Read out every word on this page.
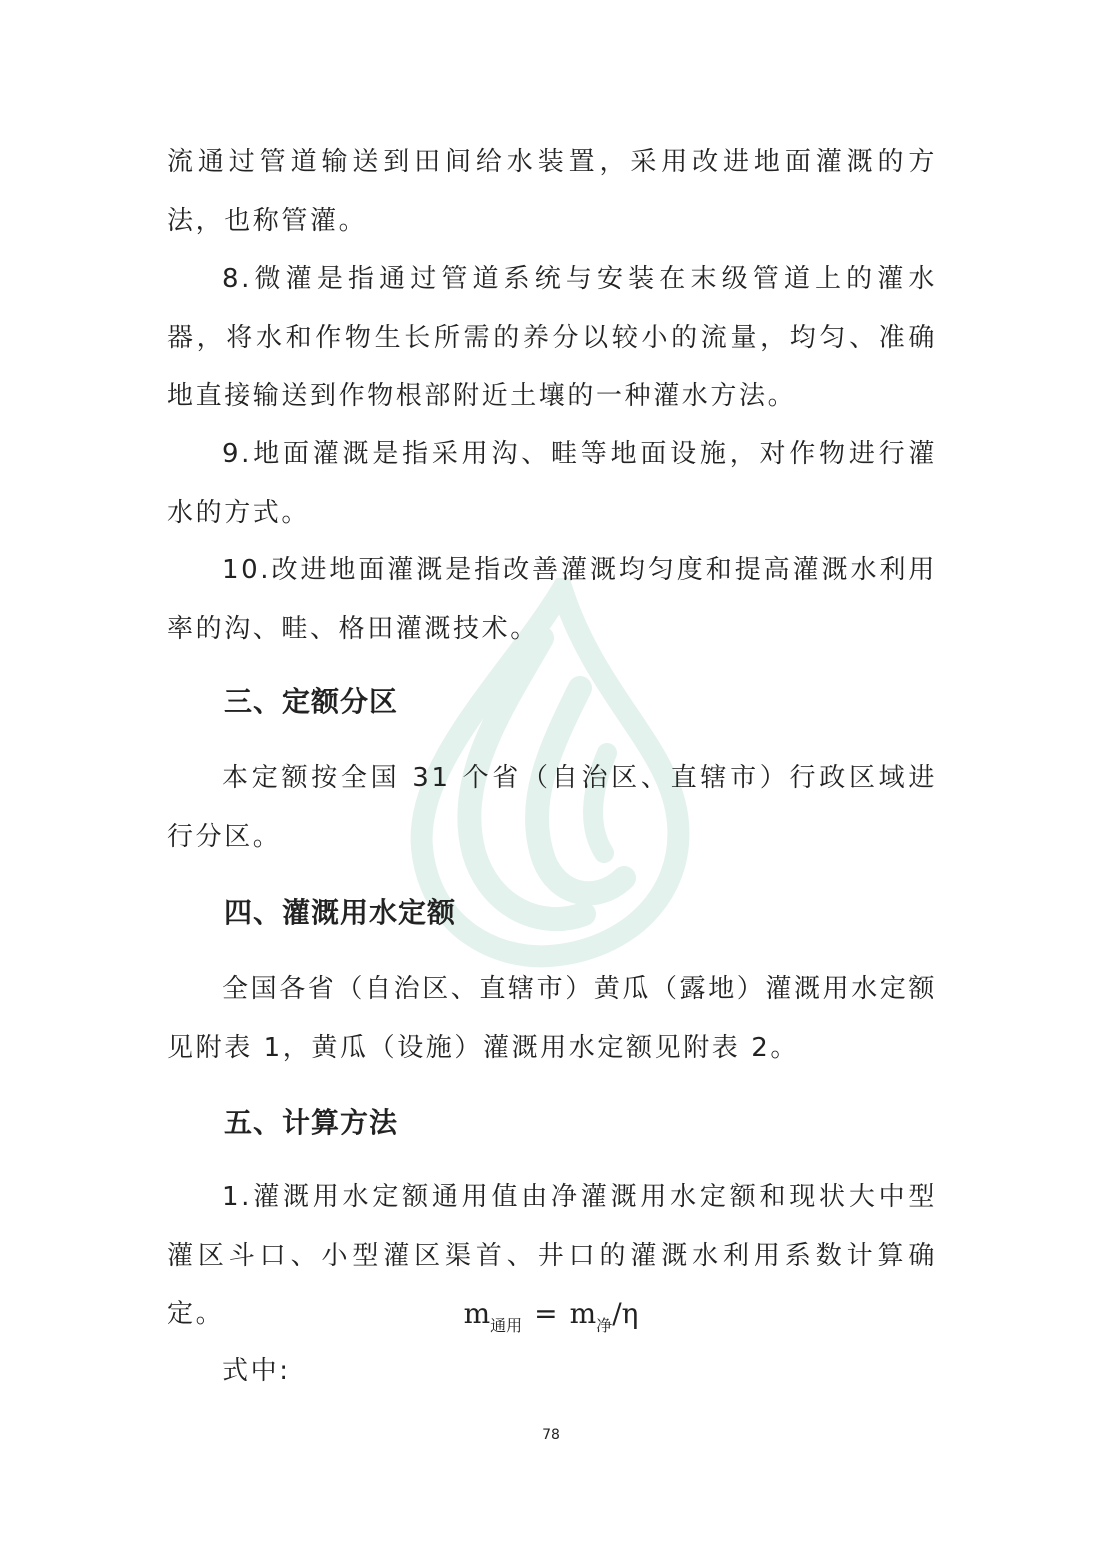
流通过管道输送到田间给水装置，采用改进地面灌溉的方法，也称管灌。

8.微灌是指通过管道系统与安装在末级管道上的灌水器，将水和作物生长所需的养分以较小的流量，均匀、准确地直接输送到作物根部附近土壤的一种灌水方法。

9.地面灌溉是指采用沟、畦等地面设施，对作物进行灌水的方式。

10.改进地面灌溉是指改善灌溉均匀度和提高灌溉水利用率的沟、畦、格田灌溉技术。

三、定额分区

本定额按全国 31 个省（自治区、直辖市）行政区域进行分区。

四、灌溉用水定额

全国各省（自治区、直辖市）黄瓜（露地）灌溉用水定额见附表 1，黄瓜（设施）灌溉用水定额见附表 2。

五、计算方法

1.灌溉用水定额通用值由净灌溉用水定额和现状大中型灌区斗口、小型灌区渠首、井口的灌溉水利用系数计算确定。	$m_{通用} = m_净/\eta$

式中:

78
